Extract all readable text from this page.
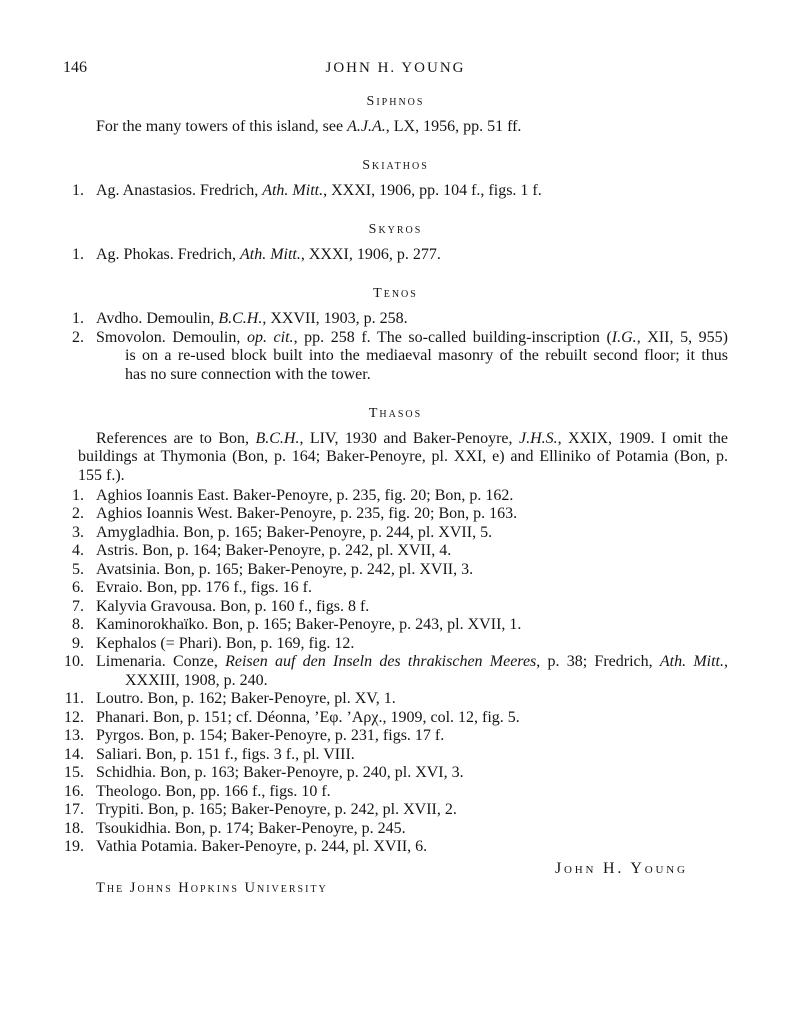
146	JOHN H. YOUNG
Siphnos
For the many towers of this island, see A.J.A., LX, 1956, pp. 51 ff.
Skiathos
1. Ag. Anastasios. Fredrich, Ath. Mitt., XXXI, 1906, pp. 104 f., figs. 1 f.
Skyros
1. Ag. Phokas. Fredrich, Ath. Mitt., XXXI, 1906, p. 277.
Tenos
1. Avdho. Demoulin, B.C.H., XXVII, 1903, p. 258.
2. Smovolon. Demoulin, op. cit., pp. 258 f. The so-called building-inscription (I.G., XII, 5, 955)
is on a re-used block built into the mediaeval masonry of the rebuilt second floor; it thus
has no sure connection with the tower.
Thasos
References are to Bon, B.C.H., LIV, 1930 and Baker-Penoyre, J.H.S., XXIX, 1909. I omit the
buildings at Thymonia (Bon, p. 164; Baker-Penoyre, pl. XXI, e) and Elliniko of Potamia (Bon, p.
155 f.).
1. Aghios Ioannis East. Baker-Penoyre, p. 235, fig. 20; Bon, p. 162.
2. Aghios Ioannis West. Baker-Penoyre, p. 235, fig. 20; Bon, p. 163.
3. Amygladhia. Bon, p. 165; Baker-Penoyre, p. 244, pl. XVII, 5.
4. Astris. Bon, p. 164; Baker-Penoyre, p. 242, pl. XVII, 4.
5. Avatsinia. Bon, p. 165; Baker-Penoyre, p. 242, pl. XVII, 3.
6. Evraio. Bon, pp. 176 f., figs. 16 f.
7. Kalyvia Gravousa. Bon, p. 160 f., figs. 8 f.
8. Kaminorokhaïko. Bon, p. 165; Baker-Penoyre, p. 243, pl. XVII, 1.
9. Kephalos (= Phari). Bon, p. 169, fig. 12.
10. Limenaria. Conze, Reisen auf den Inseln des thrakischen Meeres, p. 38; Fredrich, Ath. Mitt.,
XXXIII, 1908, p. 240.
11. Loutro. Bon, p. 162; Baker-Penoyre, pl. XV, 1.
12. Phanari. Bon, p. 151; cf. Déonna, ’Εφ. ’Αρχ., 1909, col. 12, fig. 5.
13. Pyrgos. Bon, p. 154; Baker-Penoyre, p. 231, figs. 17 f.
14. Saliari. Bon, p. 151 f., figs. 3 f., pl. VIII.
15. Schidhia. Bon, p. 163; Baker-Penoyre, p. 240, pl. XVI, 3.
16. Theologo. Bon, pp. 166 f., figs. 10 f.
17. Trypiti. Bon, p. 165; Baker-Penoyre, p. 242, pl. XVII, 2.
18. Tsoukidhia. Bon, p. 174; Baker-Penoyre, p. 245.
19. Vathia Potamia. Baker-Penoyre, p. 244, pl. XVII, 6.
John H. Young
The Johns Hopkins University
